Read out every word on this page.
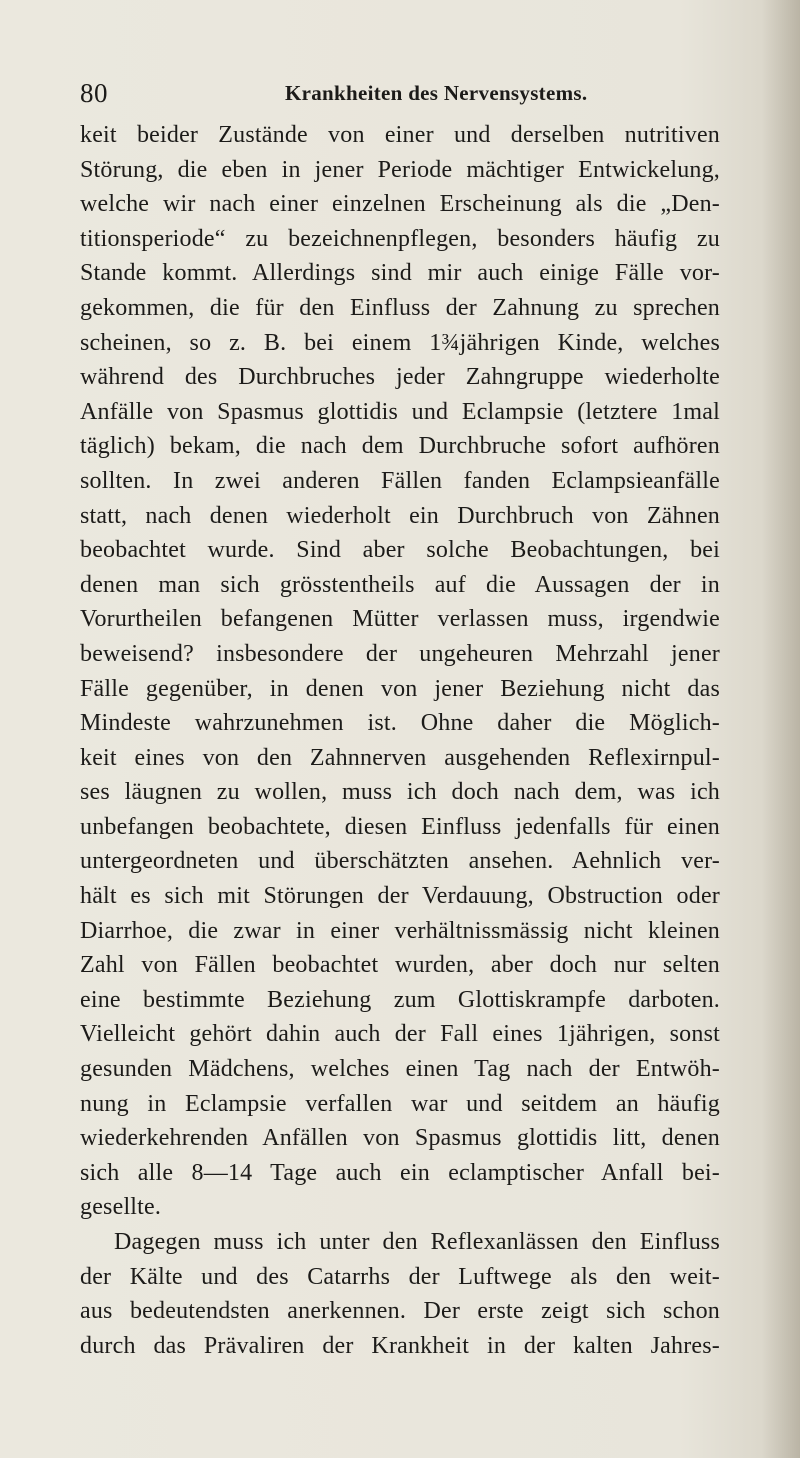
80	Krankheiten des Nervensystems.
keit beider Zustände von einer und derselben nutritiven
Störung, die eben in jener Periode mächtiger Entwickelung,
welche wir nach einer einzelnen Erscheinung als die „Den-
titionsperiode“ zu bezeichnenpflegen, besonders häufig zu
Stande kommt. Allerdings sind mir auch einige Fälle vor-
gekommen, die für den Einfluss der Zahnung zu sprechen
scheinen, so z. B. bei einem 1¾jährigen Kinde, welches
während des Durchbruches jeder Zahngruppe wiederholte
Anfälle von Spasmus glottidis und Eclampsie (letztere 1mal
täglich) bekam, die nach dem Durchbruche sofort aufhören
sollten. In zwei anderen Fällen fanden Eclampsieanfälle
statt, nach denen wiederholt ein Durchbruch von Zähnen
beobachtet wurde. Sind aber solche Beobachtungen, bei
denen man sich grösstentheils auf die Aussagen der in
Vorurtheilen befangenen Mütter verlassen muss, irgendwie
beweisend? insbesondere der ungeheuren Mehrzahl jener
Fälle gegenüber, in denen von jener Beziehung nicht das
Mindeste wahrzunehmen ist. Ohne daher die Möglich-
keit eines von den Zahnnerven ausgehenden Reflexirnpul-
ses läugnen zu wollen, muss ich doch nach dem, was ich
unbefangen beobachtete, diesen Einfluss jedenfalls für einen
untergeordneten und überschätzten ansehen. Aehnlich ver-
hält es sich mit Störungen der Verdauung, Obstruction oder
Diarrhoe, die zwar in einer verhältnissmässig nicht kleinen
Zahl von Fällen beobachtet wurden, aber doch nur selten
eine bestimmte Beziehung zum Glottiskrampfe darboten.
Vielleicht gehört dahin auch der Fall eines 1jährigen, sonst
gesunden Mädchens, welches einen Tag nach der Entwöh-
nung in Eclampsie verfallen war und seitdem an häufig
wiederkehrenden Anfällen von Spasmus glottidis litt, denen
sich alle 8—14 Tage auch ein eclamptischer Anfall bei-
gesellte.
Dagegen muss ich unter den Reflexanlässen den Einfluss
der Kälte und des Catarrhs der Luftwege als den weit-
aus bedeutendsten anerkennen. Der erste zeigt sich schon
durch das Prävaliren der Krankheit in der kalten Jahres-
